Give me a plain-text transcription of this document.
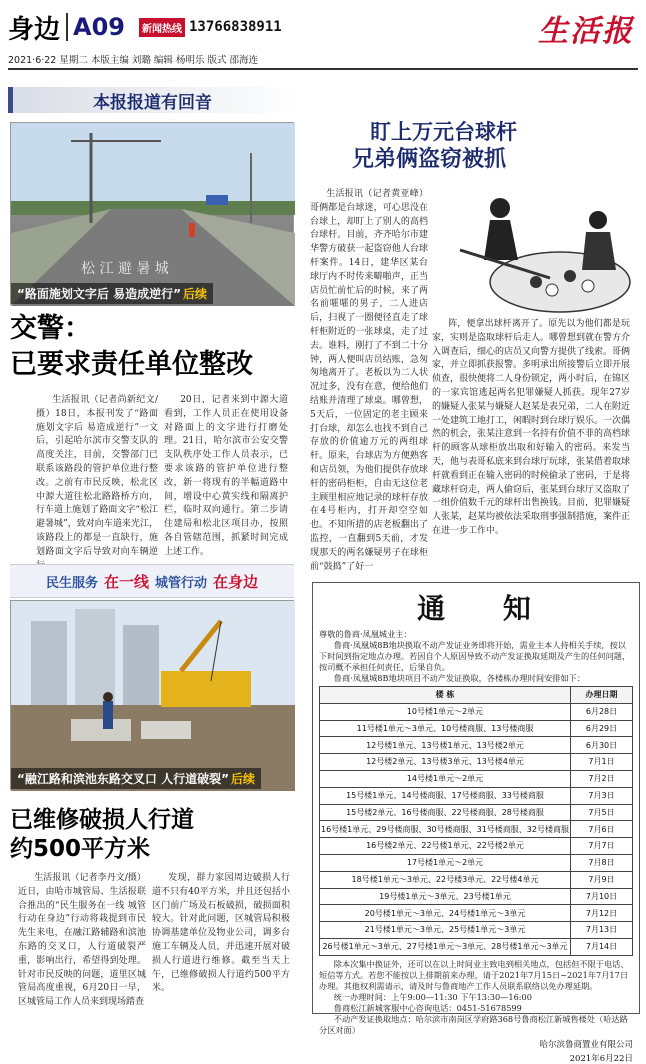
身边 A09	新闻热线 13766838911	生活报
2021·6·22 星期二 本版主编 刘璐 编辑 杨明乐 版式 邵海连
本报报道有回音
松 江 避 暑 城
“路面施划文字后 易造成逆行” 后续
交警：
已要求责任单位整改
生活报讯（记者尚新纪文/摄）18日，本报刊发了“路面施划文字后 易造成逆行”一文后，引起哈尔滨市交警支队的高度关注，目前，交警部门已联系该路段的管护单位进行整改。之前有市民反映，松北区中源大道往松北路路桥方向，行车道上施划了路面文字“松江避暑城”，致对向车道来光江，该路段上的都是一直缺行，施划路面文字后导致对向车辆逆
20日，记者来到中源大道看到，工作人员正在使用设备对路面上的文字进行打磨处理。21日，哈尔滨市公安交警支队秩序处工作人员表示，已要求该路的管护单位进行整改，新一将现有的半幅道路中间，增设中心黄实线和隔离护栏，临时双向通行。第二步请住建局和松北区项目办，按照各自管辖范围，抓紧时间完成上述工作。
民生服务 在一线 城管行动 在身边
“融江路和滨池东路交叉口 人行道破裂” 后续
已维修破损人行道
约500平方米
生活报讯（记者李丹文/摄）近日，由哈市城管局、生活报联合推出的“民生服务在一线 城管行动在身边”行动将栽提到市民先生来电，在融江路辅路和滨池东路的交叉口，人行道破裂严重，影响出行，希望得到处理。针对市民反映的问题，道里区城管局高度重视，6月20日一早，区城管局工作人员来到现场踏查
发现，群力家园周边破损人行道不只有40平方米，并且还包括小区门前广场及石板破损，破损面积较大。针对此问题，区城管局积极协调基建单位及物业公司，调多台施工车辆及人员，并迅速开展对破损人行道进行维修。截至当天上午，已维修破损人行道约500平方米。
盯上万元台球杆
兄弟俩盗窃被抓
生活报讯（记者黄亚峰）哥俩都是台球迷，可心思没在台球上，却盯上了别人的高档台球杆。目前，齐齐哈尔市建华警方破获一起盗窃他人台球杆案件。14日，建华区某台球厅内不时传来噼啪声，正当店员忙前忙后的时候，来了两名前嚯嚯的男子，二人进店后，扫视了一圈便径直走了球杆柜附近的一张球桌，走了过去。谁料，刚打了不到二十分钟，两人便叫店员结账，急匆匆地离开了。老板以为二人状况过多，没有在意，便给他们结账并清理了球桌。哪曾想，5天后，一位固定的老主顾来打台球，却怎么也找不到自己存放的价值逾万元的两组球杆。原来，台球店为方便熟客和店员领，为他们提供存放球杆的密码柜柜，自由无这位老主顾里相应地记录的球杆存放在4号柜内，打开却空空如也。不知所措的店老板翻出了监控，一直翻到5天前，才发现那天的两名嫌疑男子在球柜前“鼓捣”了好一
阵，便拿出球杆离开了。原先以为他们都是玩家，实则是盗取球杆后走人。哪曾想到就在警方介入调查后，细心的店员又向警方提供了线索。哥俩家，并立即抓获报警。多明承出所接警后立即开展侦查，很快便将二人身份锁定，两小时后，在锦区的一家宾馆逃起两名犯罪嫌疑人抓获。现年27岁的嫌疑人张某与嫌疑人赵某是表兄弟，二人在附近一处建筑工地打工，闲暇时到台球厅娱乐。一次偶然的机会，张某注意到一名持有价值不菲的高档球杆的顾客从球柜放出取和好输入的密码。来发当天，他与表哥私底来到台球厅玩球，张某借着取球杆就看到正在输入密码的时候偷录了密码，于是将藏球杆窃走，两人偷窃后，张某到台球厅又盗取了一组价值数千元的球杆出售换钱。目前，犯罪嫌疑人张某，赵某均被依法采取刑事强制措施，案件正在进一步工作中。
通 知

尊敬的鲁商·凤凰城业主：

鲁商·凤凰城8B地块换取不动产发证业务即将开始，需业主本人持相关手续，按以下时间到指定地点办理。若因自个人原因导致不动产发证换取延期及产生的任何问题，按司概不承担任何责任，后果自负。

鲁商·凤凰城8B地块项目不动产发证换取，各楼栋办理时间安排如下：

楼 栋	办理日期
10号楼1单元～2单元	6月28日
11号楼1单元～3单元、10号楼商服、13号楼商服	6月29日
12号楼1单元、13号楼1单元、13号楼2单元	6月30日
12号楼2单元、13号楼3单元、13号楼4单元	7月1日
14号楼1单元～2单元	7月2日
15号楼1单元、14号楼商服、17号楼商服、33号楼商服	7月3日
15号楼2单元、16号楼商服、22号楼商服、28号楼商服	7月5日
16号楼1单元、29号楼商服、30号楼商服、31号楼商服、32号楼商服	7月6日
16号楼2单元、22号楼1单元、22号楼2单元	7月7日
17号楼1单元～2单元	7月8日
18号楼1单元～3单元、22号楼3单元、22号楼4单元	7月9日
19号楼1单元～3单元、23号楼1单元	7月10日
20号楼1单元～3单元、24号楼1单元～3单元	7月12日
21号楼1单元～3单元、25号楼1单元～3单元	7月13日
26号楼1单元～3单元、27号楼1单元～3单元、28号楼1单元～3单元	7月14日

除本次集中换证外，还可以在以上时间业主致电到相关地点，包括但不限于电话、短信等方式。若您不能按以上排期前来办理，请于2021年7月15日~2021年7月17日办理。其他权利需请示，请及时与鲁商地产工作人员联系联络以免办理延期。

统一办理时间：上午9:00—11:30 下午13:30—16:00

鲁商松江新城客服中心咨询电话：0451-51678599

不动产发证换取地点：哈尔滨市南岗区学府路368号鲁商松江新城售楼处（哈达路分区对面）

哈尔滨鲁商置业有限公司
2021年6月22日
